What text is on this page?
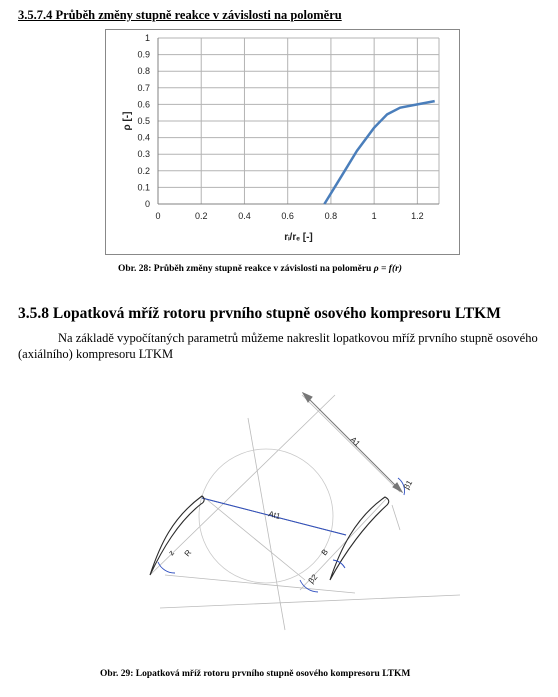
3.5.7.4 Průběh změny stupně reakce v závislosti na poloměru
0
0.1
0.2
0.3
0.4
0.5
0.6
0.7
0.8
0.9
1
0	0.2	0.4	0.6	0.8	1	1.2
ρ [-]
rᵢ/rₑ [-]
Obr. 28: Průběh změny stupně reakce v závislosti na poloměru ρ = f(r)
3.5.8 Lopatková mříž rotoru prvního stupně osového kompresoru LTKM
Na základě vypočítaných parametrů můžeme nakreslit lopatkovou mříž prvního stupně osového (axiálního) kompresoru LTKM
A1
At1
β1
β2
R
z	B
Obr. 29: Lopatková mříž rotoru prvního stupně osového kompresoru LTKM
